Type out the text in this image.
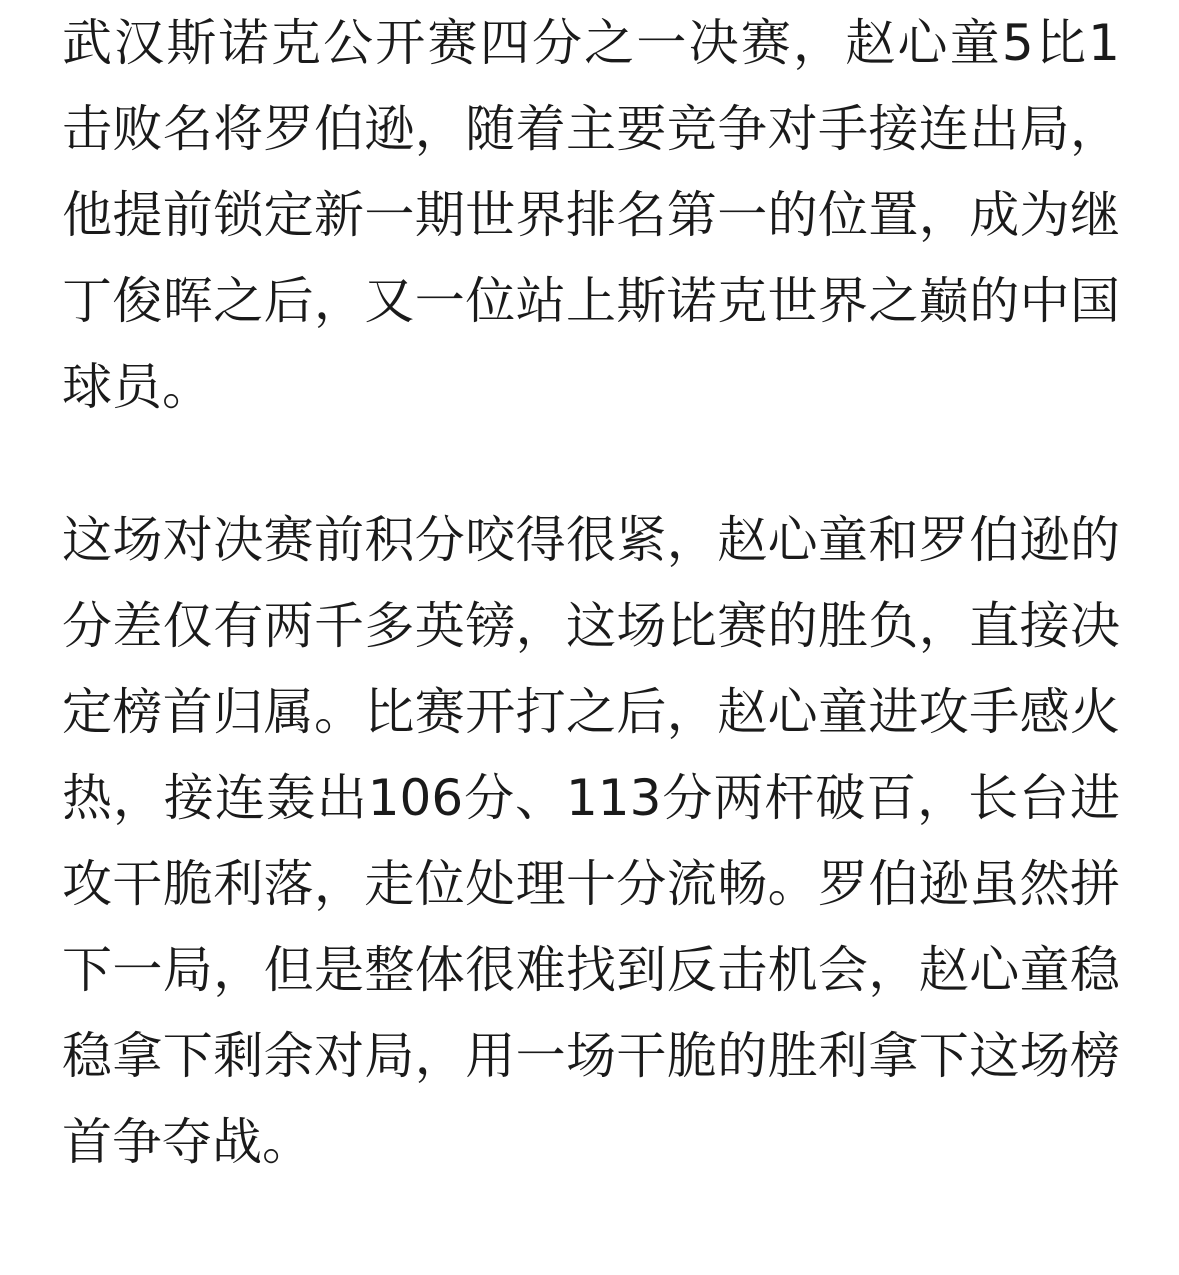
武汉斯诺克公开赛四分之一决赛，赵心童5比1击败名将罗伯逊，随着主要竞争对手接连出局，他提前锁定新一期世界排名第一的位置，成为继丁俊晖之后，又一位站上斯诺克世界之巅的中国球员。

这场对决赛前积分咬得很紧，赵心童和罗伯逊的分差仅有两千多英镑，这场比赛的胜负，直接决定榜首归属。比赛开打之后，赵心童进攻手感火热，接连轰出106分、113分两杆破百，长台进攻干脆利落，走位处理十分流畅。罗伯逊虽然拼下一局，但是整体很难找到反击机会，赵心童稳稳拿下剩余对局，用一场干脆的胜利拿下这场榜首争夺战。
